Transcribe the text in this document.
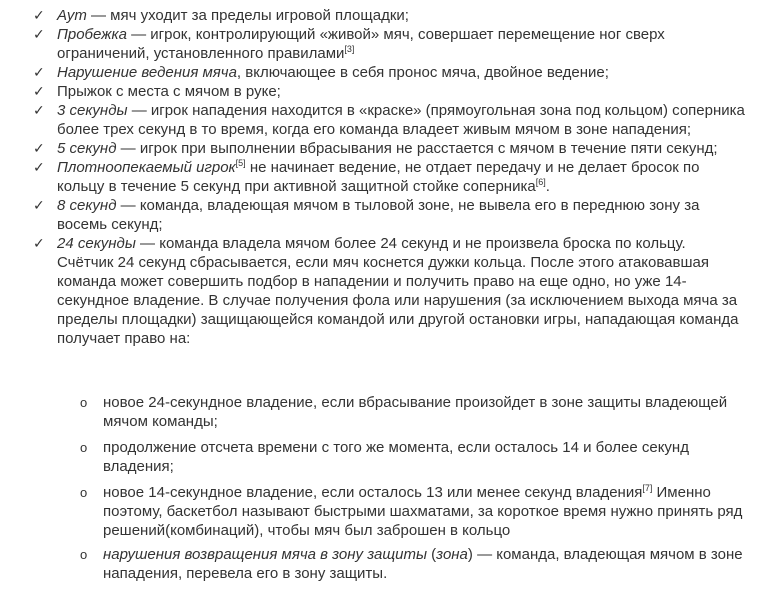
✓ Аут — мяч уходит за пределы игровой площадки;
✓ Пробежка — игрок, контролирующий «живой» мяч, совершает перемещение ног сверх ограничений, установленного правилами[3]
✓ Нарушение ведения мяча, включающее в себя пронос мяча, двойное ведение;
✓ Прыжок с места с мячом в руке;
✓ 3 секунды — игрок нападения находится в «краске» (прямоугольная зона под кольцом) соперника более трех секунд в то время, когда его команда владеет живым мячом в зоне нападения;
✓ 5 секунд — игрок при выполнении вбрасывания не расстается с мячом в течение пяти секунд;
✓ Плотноопекаемый игрок[5] не начинает ведение, не отдает передачу и не делает бросок по кольцу в течение 5 секунд при активной защитной стойке соперника[6].
✓ 8 секунд — команда, владеющая мячом в тыловой зоне, не вывела его в переднюю зону за восемь секунд;
✓ 24 секунды — команда владела мячом более 24 секунд и не произвела броска по кольцу. Счётчик 24 секунд сбрасывается, если мяч коснется дужки кольца. После этого атаковавшая команда может совершить подбор в нападении и получить право на еще одно, но уже 14-секундное владение. В случае получения фола или нарушения (за исключением выхода мяча за пределы площадки) защищающейся командой или другой остановки игры, нападающая команда получает право на:
o новое 24-секундное владение, если вбрасывание произойдет в зоне защиты владеющей мячом команды;
o продолжение отсчета времени с того же момента, если осталось 14 и более секунд владения;
o новое 14-секундное владение, если осталось 13 или менее секунд владения[7] Именно поэтому, баскетбол называют быстрыми шахматами, за короткое время нужно принять ряд решений(комбинаций), чтобы мяч был заброшен в кольцо
o нарушения возвращения мяча в зону защиты (зона) — команда, владеющая мячом в зоне нападения, перевела его в зону защиты.
